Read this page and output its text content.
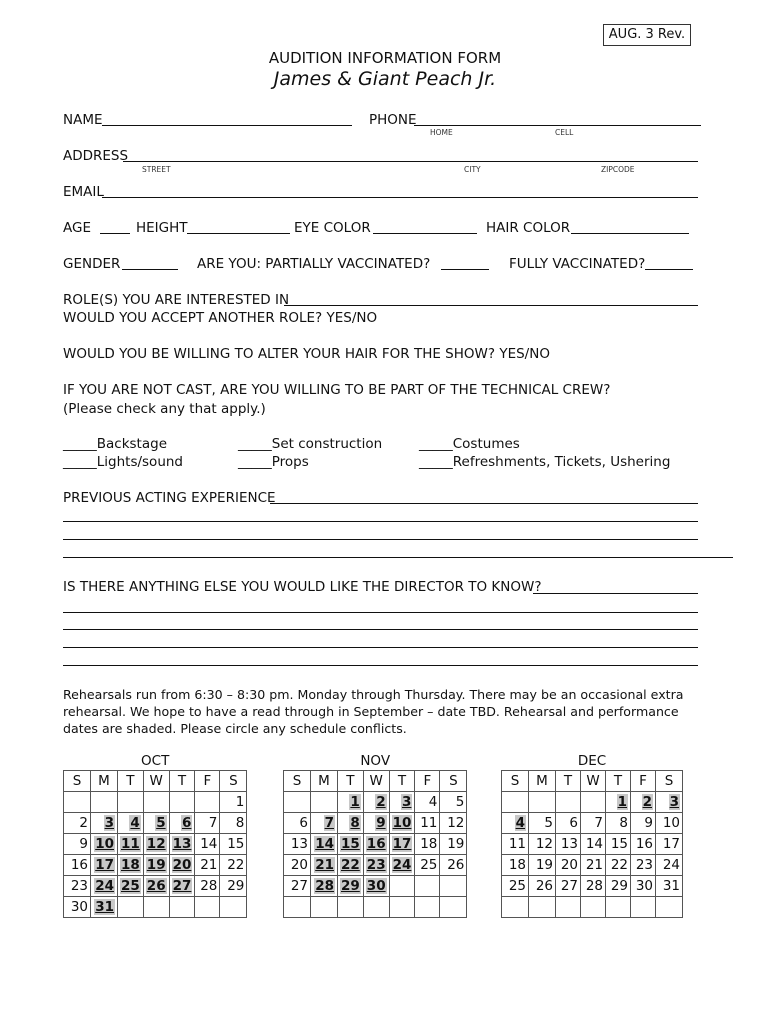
AUG. 3 Rev.
AUDITION INFORMATION FORM
James & Giant Peach Jr.
NAME	PHONE
HOME	CELL
ADDRESS
STREET	CITY	ZIPCODE
EMAIL
AGE	HEIGHT	EYE COLOR	HAIR COLOR
GENDER	ARE YOU: PARTIALLY VACCINATED?	FULLY VACCINATED?
ROLE(S) YOU ARE INTERESTED IN
WOULD YOU ACCEPT ANOTHER ROLE? YES/NO
WOULD YOU BE WILLING TO ALTER YOUR HAIR FOR THE SHOW? YES/NO
IF YOU ARE NOT CAST, ARE YOU WILLING TO BE PART OF THE TECHNICAL CREW?
(Please check any that apply.)
_____Backstage
_____Lights/sound
_____Set construction
_____Props
_____Costumes
_____Refreshments, Tickets, Ushering
PREVIOUS ACTING EXPERIENCE
IS THERE ANYTHING ELSE YOU WOULD LIKE THE DIRECTOR TO KNOW?
Rehearsals run from 6:30 – 8:30 pm. Monday through Thursday. There may be an occasional extra rehearsal. We hope to have a read through in September – date TBD. Rehearsal and performance dates are shaded. Please circle any schedule conflicts.
OCT						
S	M	T	W	T	F	S
						1
2	3	4	5	6	7	8
9	10	11	12	13	14	15
16	17	18	19	20	21	22
23	24	25	26	27	28	29
30	31					
NOV						
S	M	T	W	T	F	S
		1	2	3	4	5
6	7	8	9	10	11	12
13	14	15	16	17	18	19
20	21	22	23	24	25	26
27	28	29	30			

DEC						
S	M	T	W	T	F	S
				1	2	3
4	5	6	7	8	9	10
11	12	13	14	15	16	17
18	19	20	21	22	23	24
25	26	27	28	29	30	31
